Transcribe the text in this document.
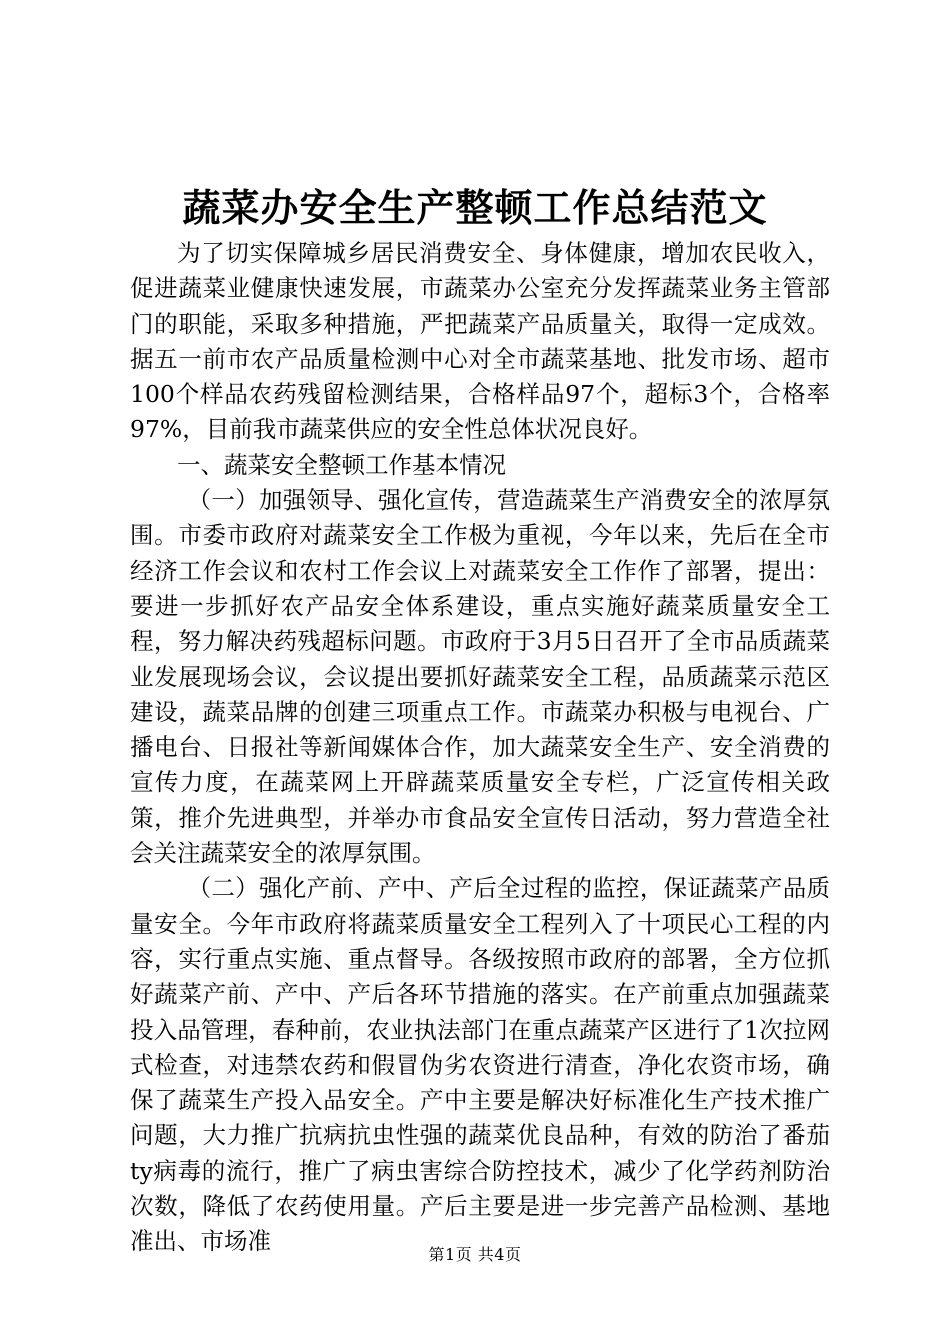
蔬菜办安全生产整顿工作总结范文

为了切实保障城乡居民消费安全、身体健康，增加农民收入，促进蔬菜业健康快速发展，市蔬菜办公室充分发挥蔬菜业务主管部门的职能，采取多种措施，严把蔬菜产品质量关，取得一定成效。据五一前市农产品质量检测中心对全市蔬菜基地、批发市场、超市100个样品农药残留检测结果，合格样品97个，超标3个，合格率97%，目前我市蔬菜供应的安全性总体状况良好。

一、蔬菜安全整顿工作基本情况

（一）加强领导、强化宣传，营造蔬菜生产消费安全的浓厚氛围。市委市政府对蔬菜安全工作极为重视，今年以来，先后在全市经济工作会议和农村工作会议上对蔬菜安全工作作了部署，提出：要进一步抓好农产品安全体系建设，重点实施好蔬菜质量安全工程，努力解决药残超标问题。市政府于3月5日召开了全市品质蔬菜业发展现场会议，会议提出要抓好蔬菜安全工程，品质蔬菜示范区建设，蔬菜品牌的创建三项重点工作。市蔬菜办积极与电视台、广播电台、日报社等新闻媒体合作，加大蔬菜安全生产、安全消费的宣传力度，在蔬菜网上开辟蔬菜质量安全专栏，广泛宣传相关政策，推介先进典型，并举办市食品安全宣传日活动，努力营造全社会关注蔬菜安全的浓厚氛围。

（二）强化产前、产中、产后全过程的监控，保证蔬菜产品质量安全。今年市政府将蔬菜质量安全工程列入了十项民心工程的内容，实行重点实施、重点督导。各级按照市政府的部署，全方位抓好蔬菜产前、产中、产后各环节措施的落实。在产前重点加强蔬菜投入品管理，春种前，农业执法部门在重点蔬菜产区进行了1次拉网式检查，对违禁农药和假冒伪劣农资进行清查，净化农资市场，确保了蔬菜生产投入品安全。产中主要是解决好标准化生产技术推广问题，大力推广抗病抗虫性强的蔬菜优良品种，有效的防治了番茄ty病毒的流行，推广了病虫害综合防控技术，减少了化学药剂防治次数，降低了农药使用量。产后主要是进一步完善产品检测、基地准出、市场准	第1页 共4页
